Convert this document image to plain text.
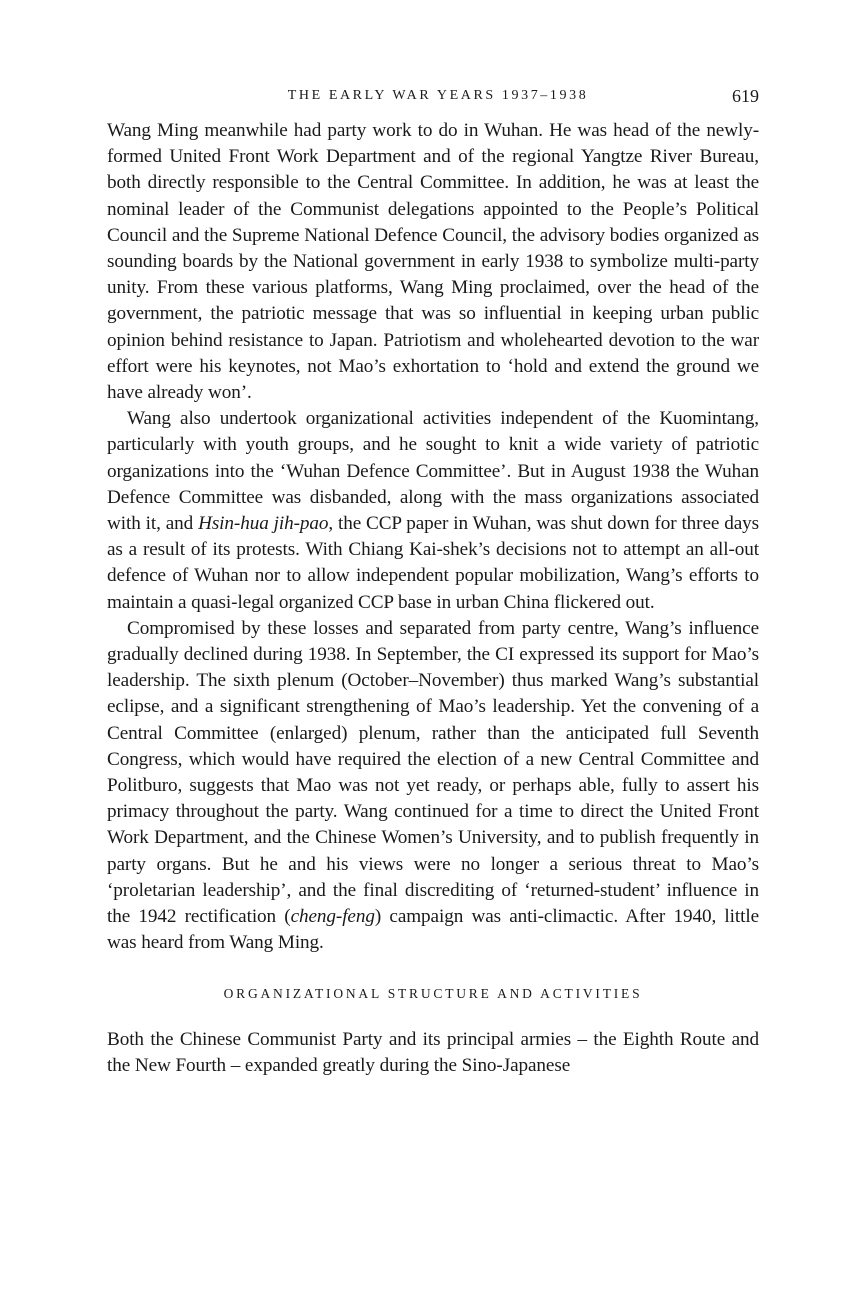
THE EARLY WAR YEARS 1937–1938	619

Wang Ming meanwhile had party work to do in Wuhan. He was head of the newly-formed United Front Work Department and of the regional Yangtze River Bureau, both directly responsible to the Central Committee. In addition, he was at least the nominal leader of the Communist delegations appointed to the People’s Political Council and the Supreme National Defence Council, the advisory bodies organized as sounding boards by the National government in early 1938 to symbolize multi-party unity. From these various platforms, Wang Ming proclaimed, over the head of the government, the patriotic message that was so influential in keeping urban public opinion behind resistance to Japan. Patriotism and wholehearted devotion to the war effort were his keynotes, not Mao’s exhortation to ‘hold and extend the ground we have already won’.

Wang also undertook organizational activities independent of the Kuomintang, particularly with youth groups, and he sought to knit a wide variety of patriotic organizations into the ‘Wuhan Defence Committee’. But in August 1938 the Wuhan Defence Committee was disbanded, along with the mass organizations associated with it, and Hsin-hua jih-pao, the CCP paper in Wuhan, was shut down for three days as a result of its protests. With Chiang Kai-shek’s decisions not to attempt an all-out defence of Wuhan nor to allow independent popular mobilization, Wang’s efforts to maintain a quasi-legal organized CCP base in urban China flickered out.

Compromised by these losses and separated from party centre, Wang’s influence gradually declined during 1938. In September, the CI expressed its support for Mao’s leadership. The sixth plenum (October–November) thus marked Wang’s substantial eclipse, and a significant strengthening of Mao’s leadership. Yet the convening of a Central Committee (enlarged) plenum, rather than the anticipated full Seventh Congress, which would have required the election of a new Central Committee and Politburo, suggests that Mao was not yet ready, or perhaps able, fully to assert his primacy throughout the party. Wang continued for a time to direct the United Front Work Department, and the Chinese Women’s University, and to publish frequently in party organs. But he and his views were no longer a serious threat to Mao’s ‘proletarian leadership’, and the final discrediting of ‘returned-student’ influence in the 1942 rectification (cheng-feng) campaign was anti-climactic. After 1940, little was heard from Wang Ming.

ORGANIZATIONAL STRUCTURE AND ACTIVITIES

Both the Chinese Communist Party and its principal armies – the Eighth Route and the New Fourth – expanded greatly during the Sino-Japanese
